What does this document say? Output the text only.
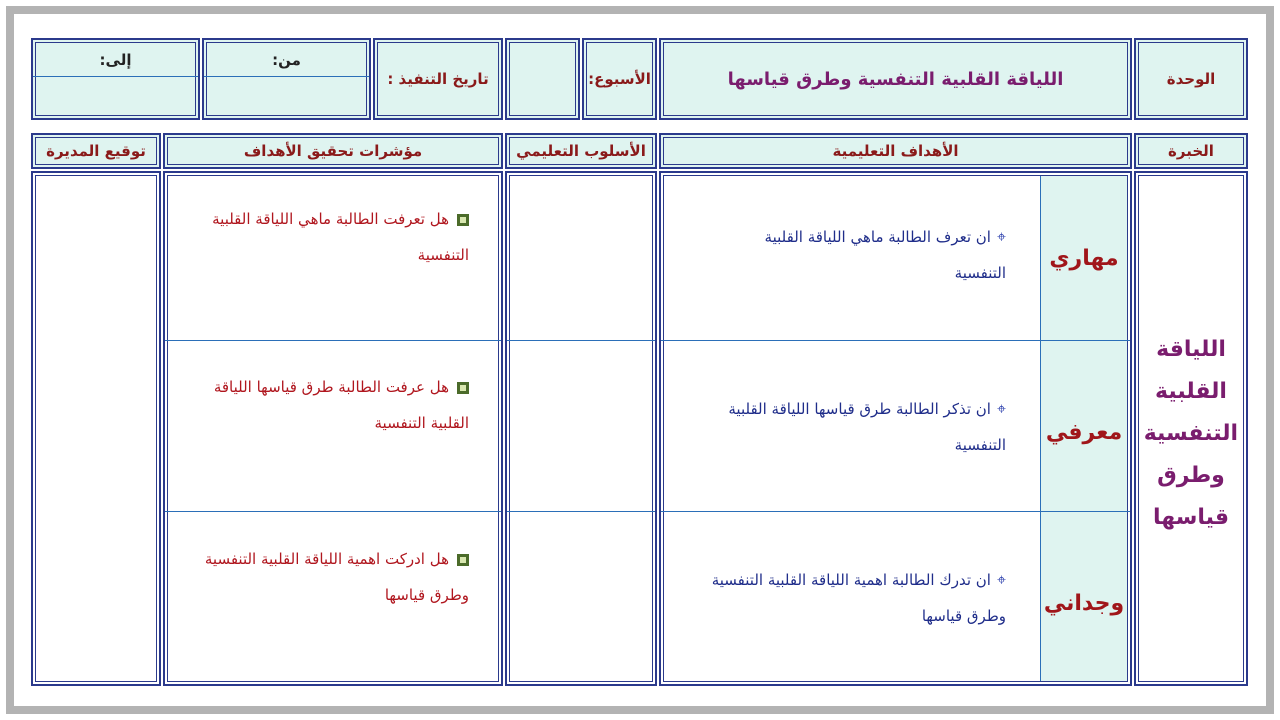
الوحدة
اللياقة القلبية التنفسية وطرق قياسها
الأسبوع:
تاريخ التنفيذ :
من:
إلى:
الخبرة
الأهداف التعليمية
الأسلوب التعليمي
مؤشرات تحقيق الأهداف
توقيع المديرة
اللياقة القلبية التنفسية وطرق قياسها
مهاري
معرفي
وجداني
⌖ان تعرف الطالبة ماهي اللياقة القلبية التنفسية
⌖ان تذكر الطالبة طرق قياسها اللياقة القلبية التنفسية
⌖ان تدرك الطالبة اهمية اللياقة القلبية التنفسية وطرق قياسها
هل تعرفت الطالبة ماهي اللياقة القلبية التنفسية
هل عرفت الطالبة طرق قياسها اللياقة القلبية التنفسية
هل ادركت اهمية اللياقة القلبية التنفسية وطرق قياسها
